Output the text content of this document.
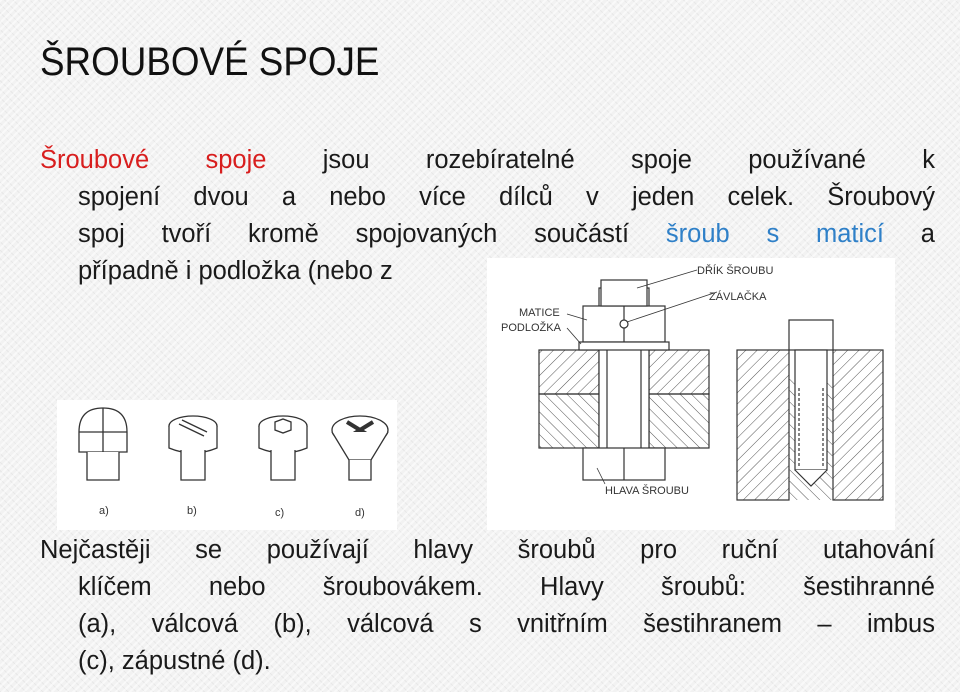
ŠROUBOVÉ SPOJE
Šroubové spoje jsou rozebíratelné spoje používané k
spojení dvou a nebo více dílců v jeden celek. Šroubový
spoj tvoří kromě spojovaných součástí šroub s maticí a
případně i podložka (nebo z
a)	b)	c)	d)
DŘÍK ŠROUBU
ZÁVLAČKA
MATICE
PODLOŽKA
HLAVA ŠROUBU
Nejčastěji se používají hlavy šroubů pro ruční utahování
klíčem nebo šroubovákem. Hlavy šroubů: šestihranné
(a), válcová (b), válcová s vnitřním šestihranem – imbus
(c), zápustné (d).
